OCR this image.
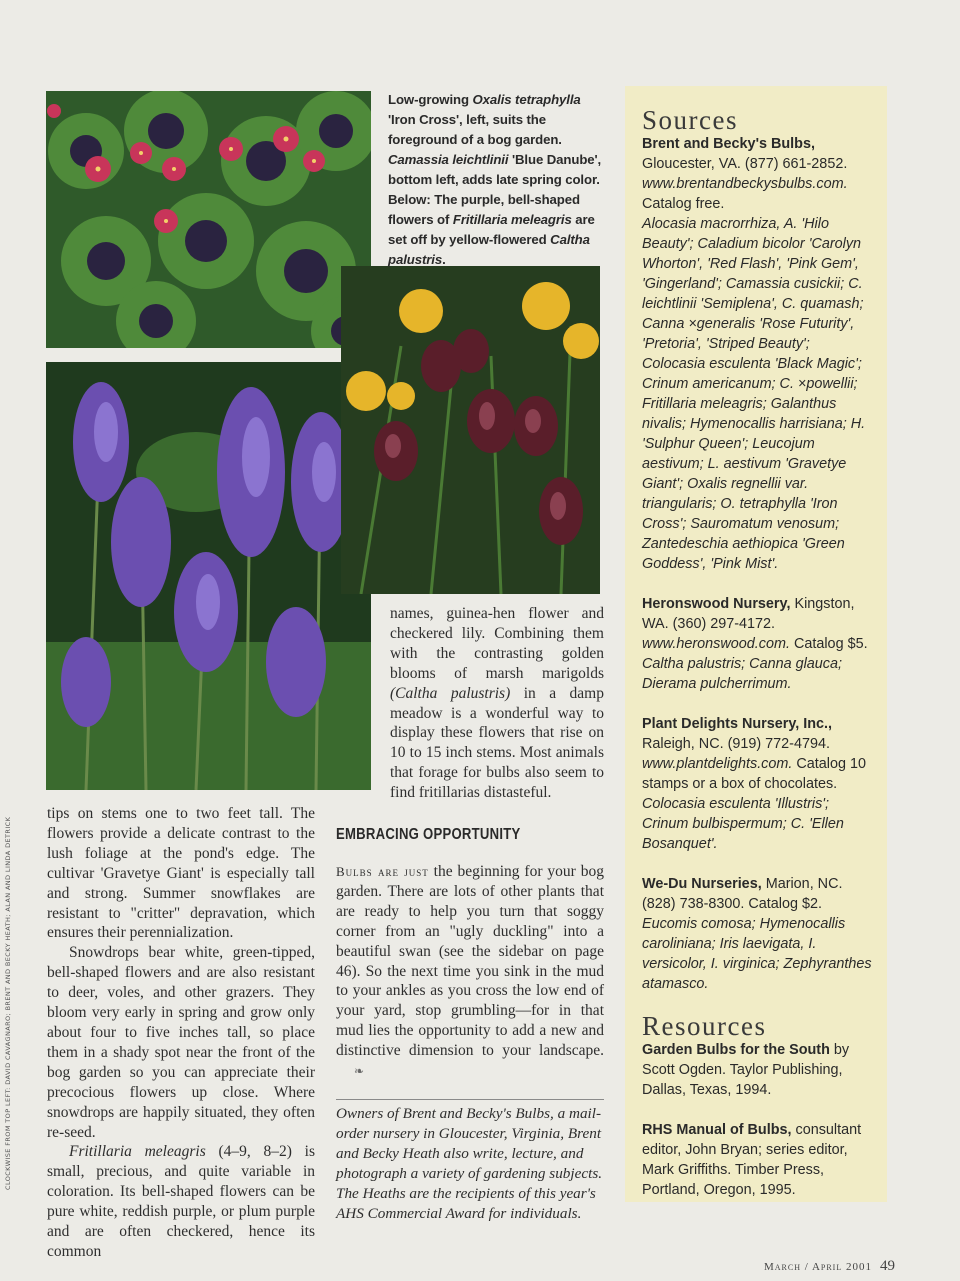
CLOCKWISE FROM TOP LEFT: DAVID CAVAGNARO; BRENT AND BECKY HEATH; ALAN AND LINDA DETRICK
Low-growing Oxalis tetraphylla 'Iron Cross', left, suits the foreground of a bog garden. Camassia leichtlinii 'Blue Danube', bottom left, adds late spring color. Below: The purple, bell-shaped flowers of Fritillaria meleagris are set off by yellow-flowered Caltha palustris.

tips on stems one to two feet tall. The flowers provide a delicate contrast to the lush foliage at the pond's edge. The cultivar 'Gravetye Giant' is especially tall and strong. Summer snowflakes are resistant to "critter" depravation, which ensures their perennialization.

Snowdrops bear white, green-tipped, bell-shaped flowers and are also resistant to deer, voles, and other grazers. They bloom very early in spring and grow only about four to five inches tall, so place them in a shady spot near the front of the bog garden so you can appreciate their precocious flowers up close. Where snowdrops are happily situated, they often re-seed.

Fritillaria meleagris (4–9, 8–2) is small, precious, and quite variable in coloration. Its bell-shaped flowers can be pure white, reddish purple, or plum purple and are often checkered, hence its common

names, guinea-hen flower and checkered lily. Combining them with the contrasting golden blooms of marsh marigolds (Caltha palustris) in a damp meadow is a wonderful way to display these flowers that rise on 10 to 15 inch stems. Most animals that forage for bulbs also seem to find fritillarias distasteful.

EMBRACING OPPORTUNITY

Bulbs are just the beginning for your bog garden. There are lots of other plants that are ready to help you turn that soggy corner from an "ugly duckling" into a beautiful swan (see the sidebar on page 46). So the next time you sink in the mud to your ankles as you cross the low end of your yard, stop grumbling—for in that mud lies the opportunity to add a new and distinctive dimension to your landscape.❧

Owners of Brent and Becky's Bulbs, a mail-order nursery in Gloucester, Virginia, Brent and Becky Heath also write, lecture, and photograph a variety of gardening subjects. The Heaths are the recipients of this year's AHS Commercial Award for individuals.
Sources

Brent and Becky's Bulbs, Gloucester, VA. (877) 661-2852.
www.brentandbeckysbulbs.com.
Catalog free.
Alocasia macrorrhiza, A. 'Hilo Beauty'; Caladium bicolor 'Carolyn Whorton', 'Red Flash', 'Pink Gem', 'Gingerland'; Camassia cusickii; C. leichtlinii 'Semiplena', C. quamash; Canna ×generalis 'Rose Futurity', 'Pretoria', 'Striped Beauty'; Colocasia esculenta 'Black Magic'; Crinum americanum; C. ×powellii; Fritillaria meleagris; Galanthus nivalis; Hymenocallis harrisiana; H. 'Sulphur Queen'; Leucojum aestivum; L. aestivum 'Gravetye Giant'; Oxalis regnellii var. triangularis; O. tetraphylla 'Iron Cross'; Sauromatum venosum; Zantedeschia aethiopica 'Green Goddess', 'Pink Mist'.

Heronswood Nursery, Kingston, WA. (360) 297-4172.
www.heronswood.com. Catalog $5.
Caltha palustris; Canna glauca; Dierama pulcherrimum.

Plant Delights Nursery, Inc., Raleigh, NC. (919) 772-4794.
www.plantdelights.com. Catalog 10 stamps or a box of chocolates.
Colocasia esculenta 'Illustris'; Crinum bulbispermum; C. 'Ellen Bosanquet'.

We-Du Nurseries, Marion, NC. (828) 738-8300. Catalog $2.
Eucomis comosa; Hymenocallis caroliniana; Iris laevigata, I. versicolor, I. virginica; Zephyranthes atamasco.

Resources

Garden Bulbs for the South by Scott Ogden. Taylor Publishing, Dallas, Texas, 1994.

RHS Manual of Bulbs, consultant editor, John Bryan; series editor, Mark Griffiths. Timber Press, Portland, Oregon, 1995.

March / April 2001 49
